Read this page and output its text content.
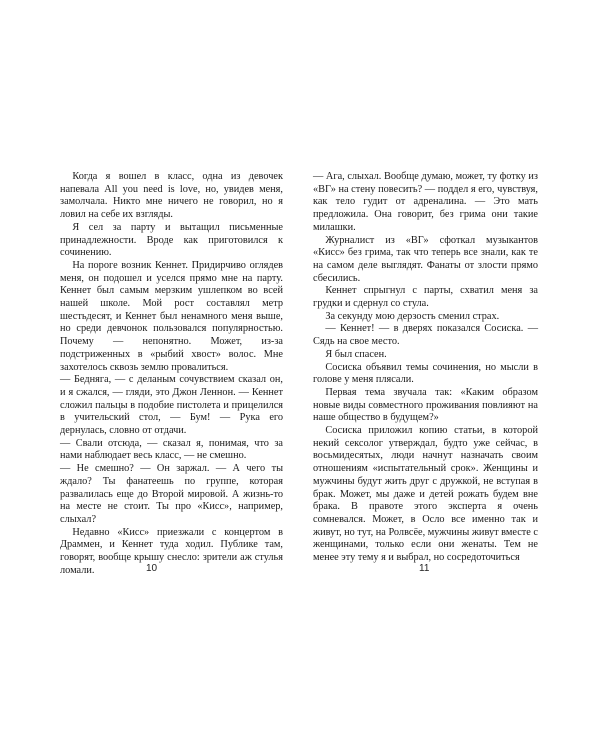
Когда я вошел в класс, одна из девочек напевала All you need is love, но, увидев меня, замолчала. Никто мне ничего не говорил, но я ловил на себе их взгляды.

Я сел за парту и вытащил письменные принадлежности. Вроде как приготовился к сочинению.

На пороге возник Кеннет. Придирчиво оглядев меня, он подошел и уселся прямо мне на парту. Кеннет был самым мерзким ушлепком во всей нашей школе. Мой рост составлял метр шестьдесят, и Кеннет был ненамного меня выше, но среди девчонок пользовался популярностью. Почему — непонятно. Может, из-за подстриженных в «рыбий хвост» волос. Мне захотелось сквозь землю провалиться.

— Бедняга, — с деланым сочувствием сказал он, и я сжался, — гляди, это Джон Леннон. — Кеннет сложил пальцы в подобие пистолета и прицелился в учительский стол, — Бум! — Рука его дернулась, словно от отдачи.

— Свали отсюда, — сказал я, понимая, что за нами наблюдает весь класс, — не смешно.

— Не смешно? — Он заржал. — А чего ты ждало? Ты фанатеешь по группе, которая развалилась еще до Второй мировой. А жизнь-то на месте не стоит. Ты про «Кисс», например, слыхал?

Недавно «Кисс» приезжали с концертом в Драммен, и Кеннет туда ходил. Публике там, говорят, вообще крышу снесло: зрители аж стулья ломали.

— Ага, слыхал. Вообще думаю, может, ту фотку из «ВГ» на стену повесить? — поддел я его, чувствуя, как тело гудит от адреналина. — Это мать предложила. Она говорит, без грима они такие милашки.

Журналист из «ВГ» сфоткал музыкантов «Кисс» без грима, так что теперь все знали, как те на самом деле выглядят. Фанаты от злости прямо сбесились.

Кеннет спрыгнул с парты, схватил меня за грудки и сдернул со стула.

За секунду мою дерзость сменил страх.

— Кеннет! — в дверях показался Сосиска. — Сядь на свое место.

Я был спасен.

Сосиска объявил темы сочинения, но мысли в голове у меня плясали.

Первая тема звучала так: «Каким образом новые виды совместного проживания повлияют на наше общество в будущем?»

Сосиска приложил копию статьи, в которой некий сексолог утверждал, будто уже сейчас, в восьмидесятых, люди начнут назначать своим отношениям «испытательный срок». Женщины и мужчины будут жить друг с дружкой, не вступая в брак. Может, мы даже и детей рожать будем вне брака. В правоте этого эксперта я очень сомневался. Может, в Осло все именно так и живут, но тут, на Ролвсёе, мужчины живут вместе с женщинами, только если они женаты. Тем не менее эту тему я и выбрал, но сосредоточиться

10	11
